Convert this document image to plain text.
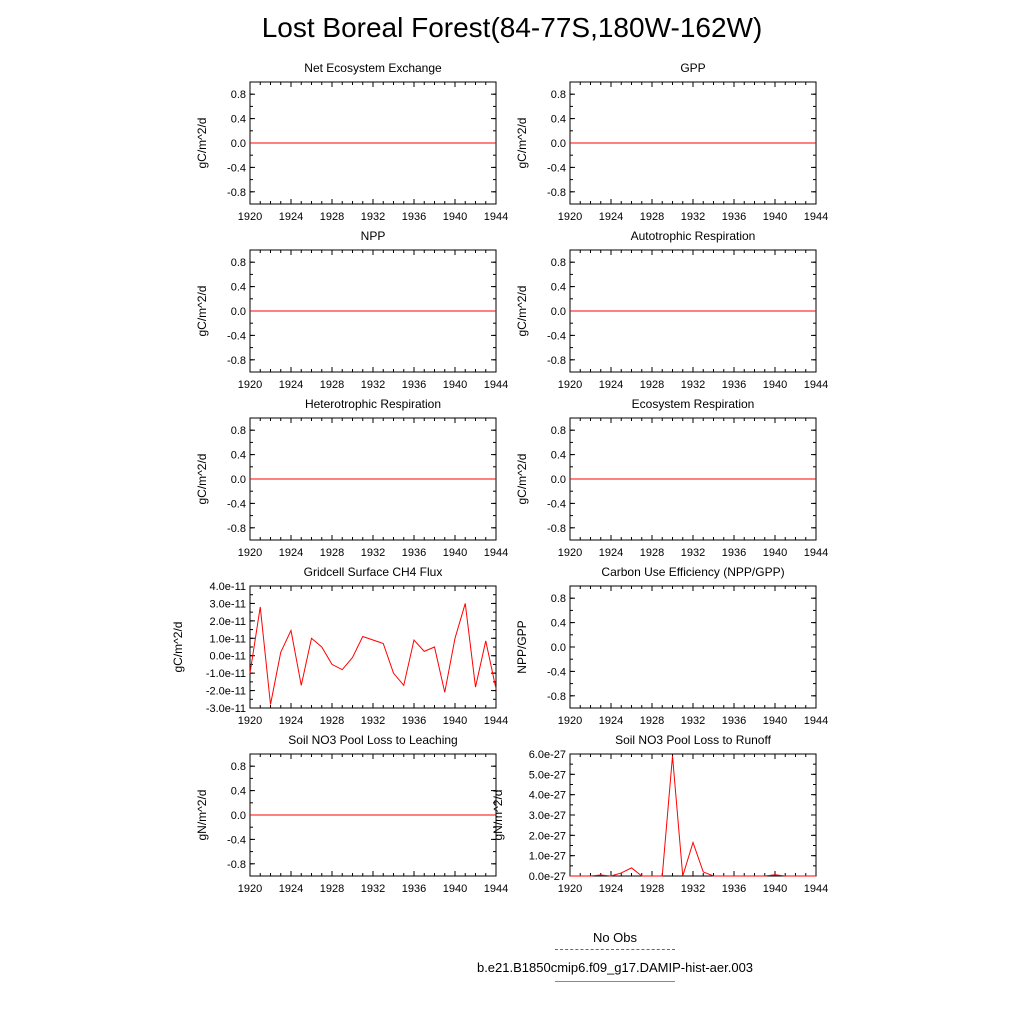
Lost Boreal Forest(84-77S,180W-162W)
Net Ecosystem Exchange
1920 1924 1928 1932 1936 1940 1944
0.8
0.4
0.0
-0.4
-0.8
gC/m^2/d
GPP
1920 1924 1928 1932 1936 1940 1944
0.8
0.4
0.0
-0.4
-0.8
gC/m^2/d
NPP
1920 1924 1928 1932 1936 1940 1944
0.8
0.4
0.0
-0.4
-0.8
gC/m^2/d
Autotrophic Respiration
1920 1924 1928 1932 1936 1940 1944
0.8
0.4
0.0
-0.4
-0.8
gC/m^2/d
Heterotrophic Respiration
1920 1924 1928 1932 1936 1940 1944
0.8
0.4
0.0
-0.4
-0.8
gC/m^2/d
Ecosystem Respiration
1920 1924 1928 1932 1936 1940 1944
0.8
0.4
0.0
-0.4
-0.8
gC/m^2/d
Gridcell Surface CH4 Flux
1920 1924 1928 1932 1936 1940 1944
4.0e-11
3.0e-11
2.0e-11
1.0e-11
0.0e-11
-1.0e-11
-2.0e-11
-3.0e-11
gC/m^2/d
Carbon Use Efficiency (NPP/GPP)
1920 1924 1928 1932 1936 1940 1944
0.8
0.4
0.0
-0.4
-0.8
NPP/GPP
Soil NO3 Pool Loss to Leaching
1920 1924 1928 1932 1936 1940 1944
0.8
0.4
0.0
-0.4
-0.8
gN/m^2/d
Soil NO3 Pool Loss to Runoff
1920 1924 1928 1932 1936 1940 1944
6.0e-27
5.0e-27
4.0e-27
3.0e-27
2.0e-27
1.0e-27
0.0e-27
gN/m^2/d
No Obs
b.e21.B1850cmip6.f09_g17.DAMIP-hist-aer.003
